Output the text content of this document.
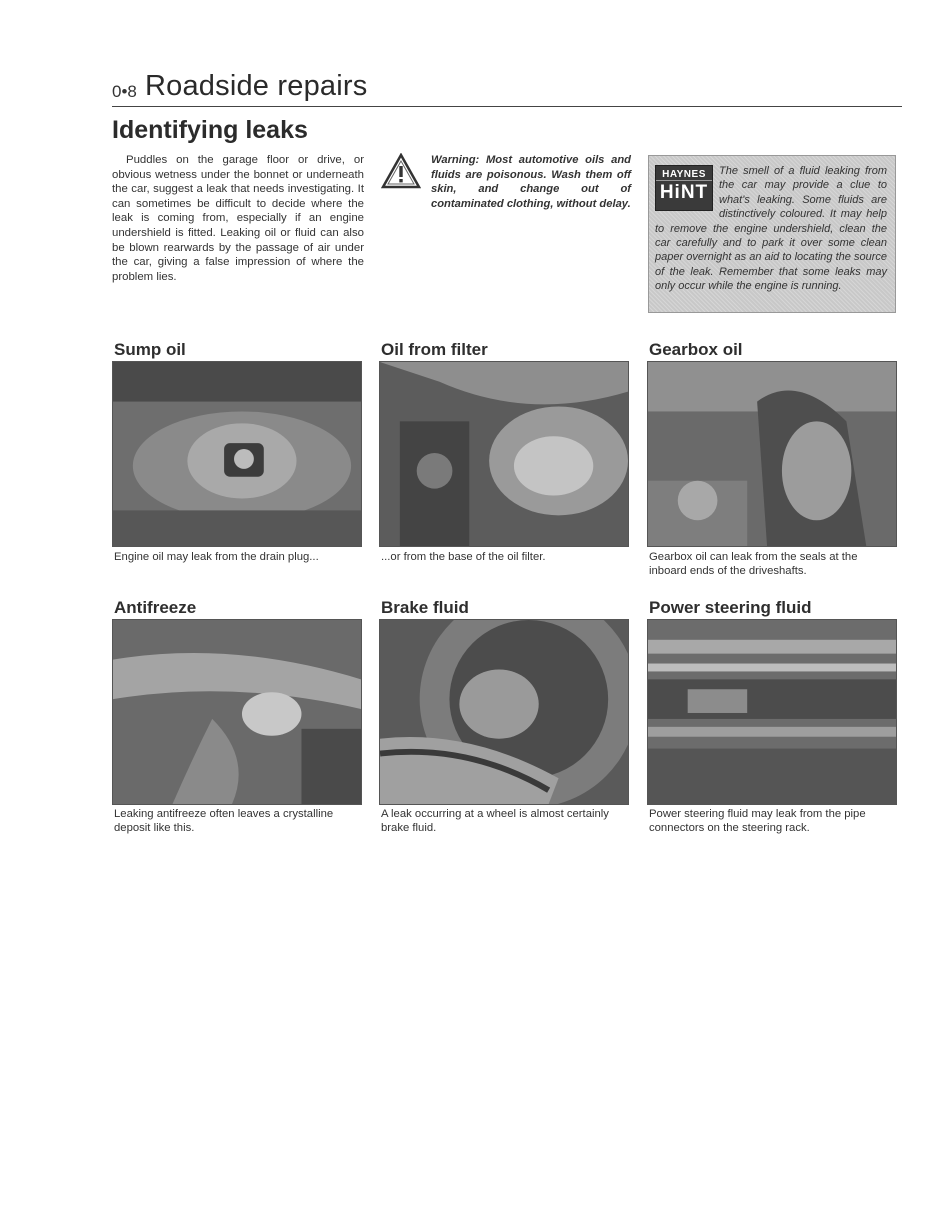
0•8 Roadside repairs
Identifying leaks
Puddles on the garage floor or drive, or obvious wetness under the bonnet or underneath the car, suggest a leak that needs investigating. It can sometimes be difficult to decide where the leak is coming from, especially if an engine undershield is fitted. Leaking oil or fluid can also be blown rearwards by the passage of air under the car, giving a false impression of where the problem lies.
Warning: Most automotive oils and fluids are poisonous. Wash them off skin, and change out of contaminated clothing, without delay.
HAYNES
HiNT
The smell of a fluid leaking from the car may provide a clue to what's leaking. Some fluids are distinctively coloured. It may help to remove the engine undershield, clean the car carefully and to park it over some clean paper overnight as an aid to locating the source of the leak. Remember that some leaks may only occur while the engine is running.
Sump oil
Engine oil may leak from the drain plug...
Oil from filter
...or from the base of the oil filter.
Gearbox oil
Gearbox oil can leak from the seals at the inboard ends of the driveshafts.
Antifreeze
Leaking antifreeze often leaves a crystalline deposit like this.
Brake fluid
A leak occurring at a wheel is almost certainly brake fluid.
Power steering fluid
Power steering fluid may leak from the pipe connectors on the steering rack.
